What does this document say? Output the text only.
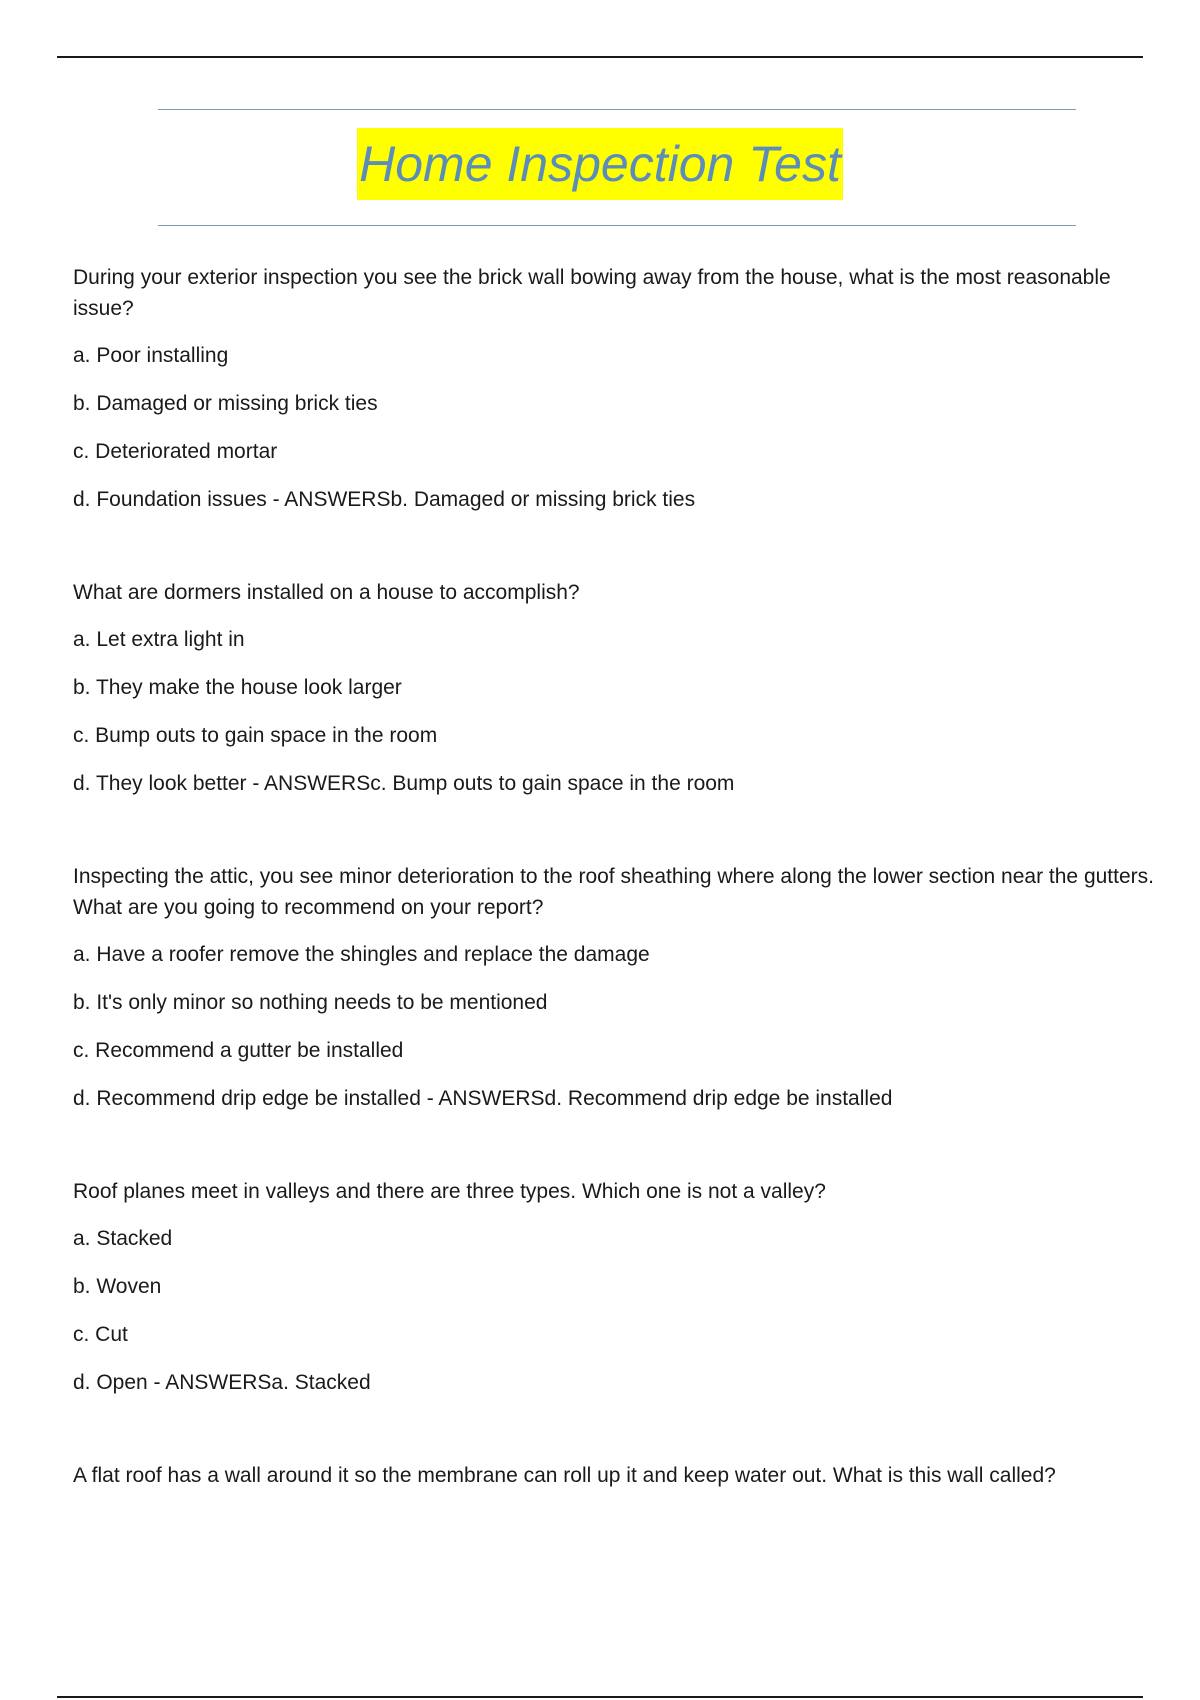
Home Inspection Test

During your exterior inspection you see the brick wall bowing away from the house, what is the most reasonable issue?

a. Poor installing

b. Damaged or missing brick ties

c. Deteriorated mortar

d. Foundation issues - ANSWERSb. Damaged or missing brick ties

What are dormers installed on a house to accomplish?

a. Let extra light in

b. They make the house look larger

c. Bump outs to gain space in the room

d. They look better - ANSWERSc. Bump outs to gain space in the room

Inspecting the attic, you see minor deterioration to the roof sheathing where along the lower section near the gutters. What are you going to recommend on your report?

a. Have a roofer remove the shingles and replace the damage

b. It's only minor so nothing needs to be mentioned

c. Recommend a gutter be installed

d. Recommend drip edge be installed - ANSWERSd. Recommend drip edge be installed

Roof planes meet in valleys and there are three types. Which one is not a valley?

a. Stacked

b. Woven

c. Cut

d. Open - ANSWERSa. Stacked

A flat roof has a wall around it so the membrane can roll up it and keep water out. What is this wall called?
